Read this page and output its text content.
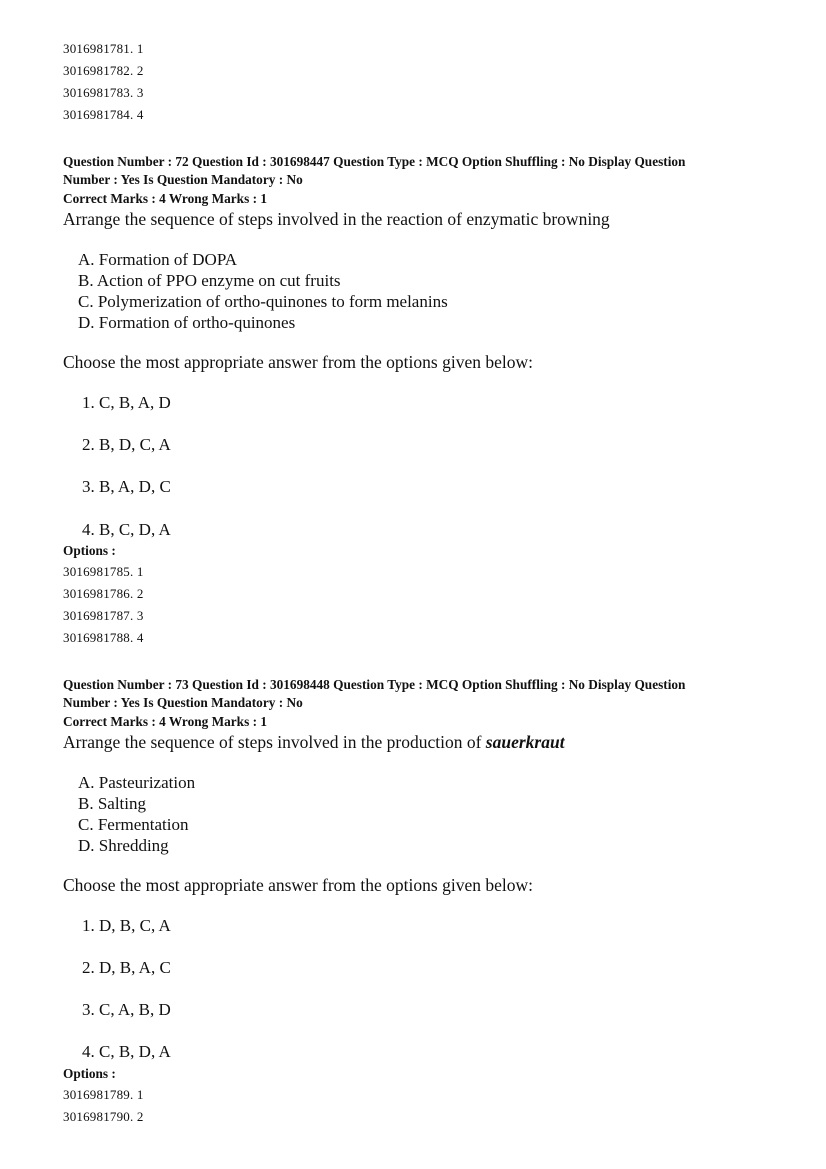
3016981781. 1
3016981782. 2
3016981783. 3
3016981784. 4
Question Number : 72 Question Id : 301698447 Question Type : MCQ Option Shuffling : No Display Question
Number : Yes Is Question Mandatory : No
Correct Marks : 4 Wrong Marks : 1
Arrange the sequence of steps involved in the reaction of enzymatic browning
A. Formation of DOPA
B. Action of PPO enzyme on cut fruits
C. Polymerization of ortho-quinones to form melanins
D. Formation of ortho-quinones
Choose the most appropriate answer from the options given below:
1. C, B, A, D
2. B, D, C, A
3. B, A, D, C
4. B, C, D, A
Options :
3016981785. 1
3016981786. 2
3016981787. 3
3016981788. 4
Question Number : 73 Question Id : 301698448 Question Type : MCQ Option Shuffling : No Display Question
Number : Yes Is Question Mandatory : No
Correct Marks : 4 Wrong Marks : 1
Arrange the sequence of steps involved in the production of sauerkraut
A. Pasteurization
B. Salting
C. Fermentation
D. Shredding
Choose the most appropriate answer from the options given below:
1. D, B, C, A
2. D, B, A, C
3. C, A, B, D
4. C, B, D, A
Options :
3016981789. 1
3016981790. 2
